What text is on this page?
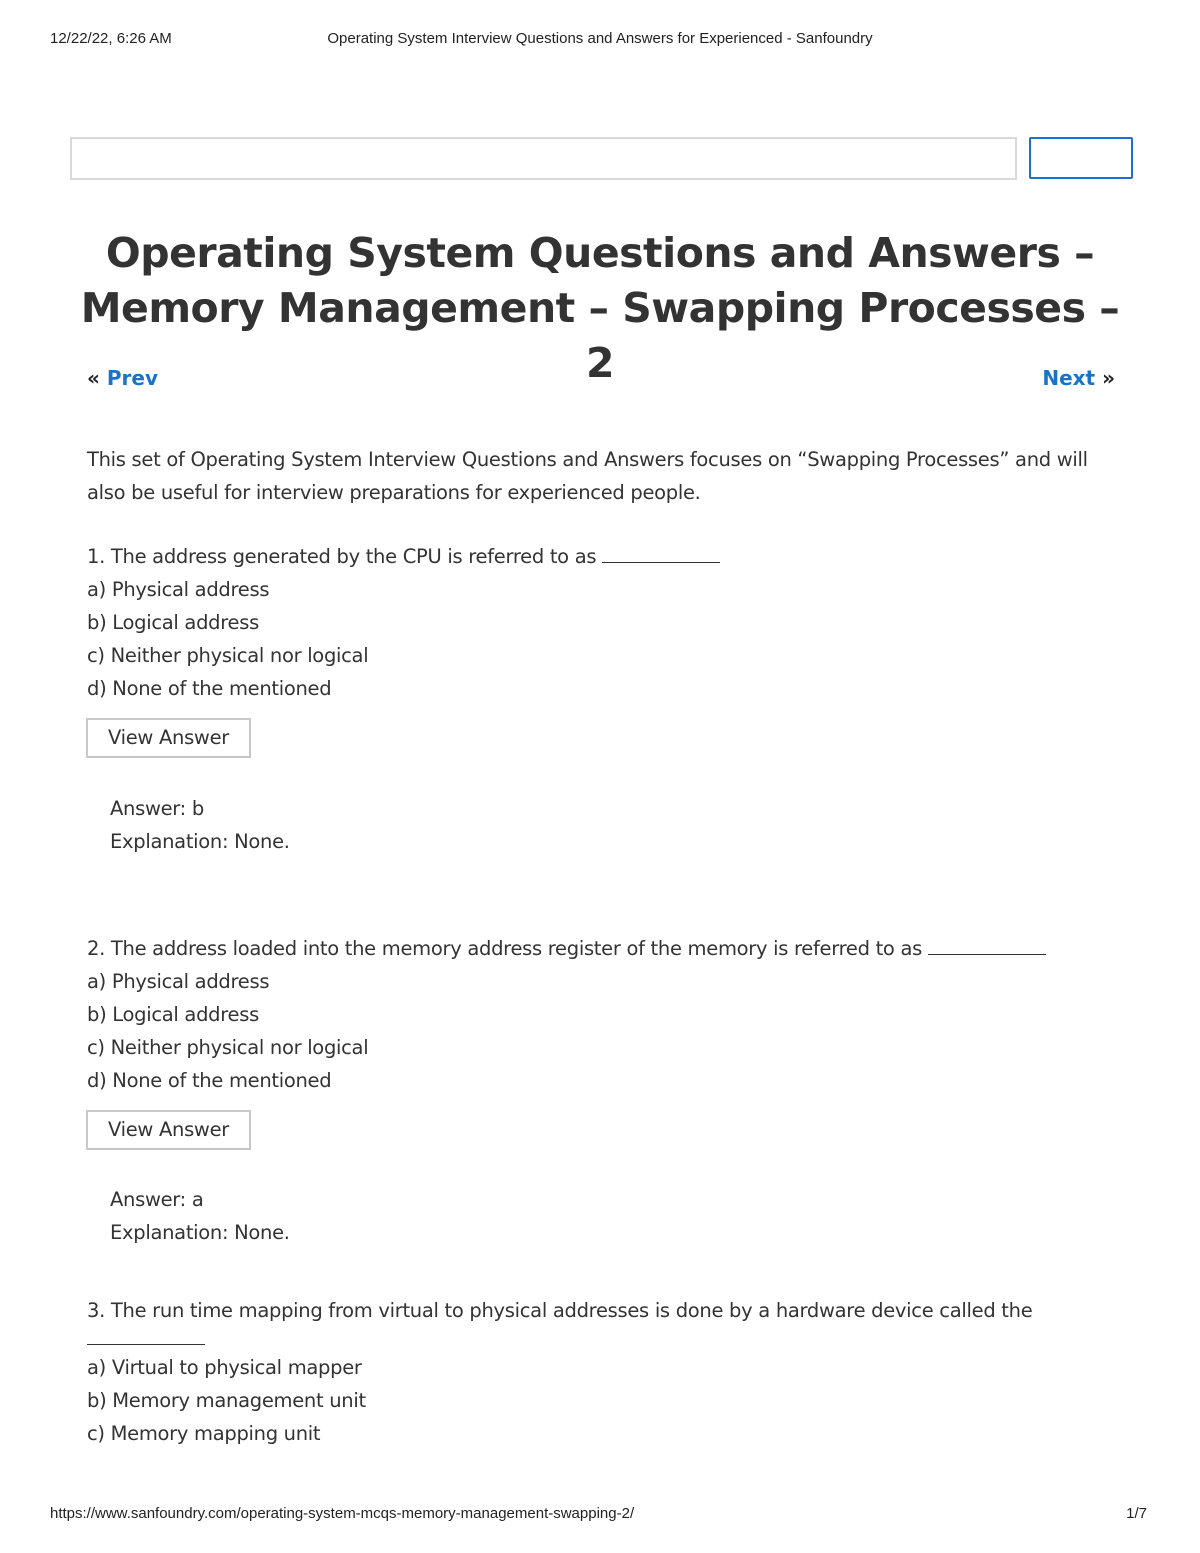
12/22/22, 6:26 AM	Operating System Interview Questions and Answers for Experienced - Sanfoundry
Operating System Questions and Answers –
Memory Management – Swapping Processes – 2
« Prev	Next »

This set of Operating System Interview Questions and Answers focuses on “Swapping Processes” and will also be useful for interview preparations for experienced people.

1. The address generated by the CPU is referred to as
a) Physical address
b) Logical address
c) Neither physical nor logical
d) None of the mentioned
View Answer
Answer: b
Explanation: None.
2. The address loaded into the memory address register of the memory is referred to as
a) Physical address
b) Logical address
c) Neither physical nor logical
d) None of the mentioned
View Answer
Answer: a
Explanation: None.
3. The run time mapping from virtual to physical addresses is done by a hardware device called the
a) Virtual to physical mapper
b) Memory management unit
c) Memory mapping unit
https://www.sanfoundry.com/operating-system-mcqs-memory-management-swapping-2/	1/7
